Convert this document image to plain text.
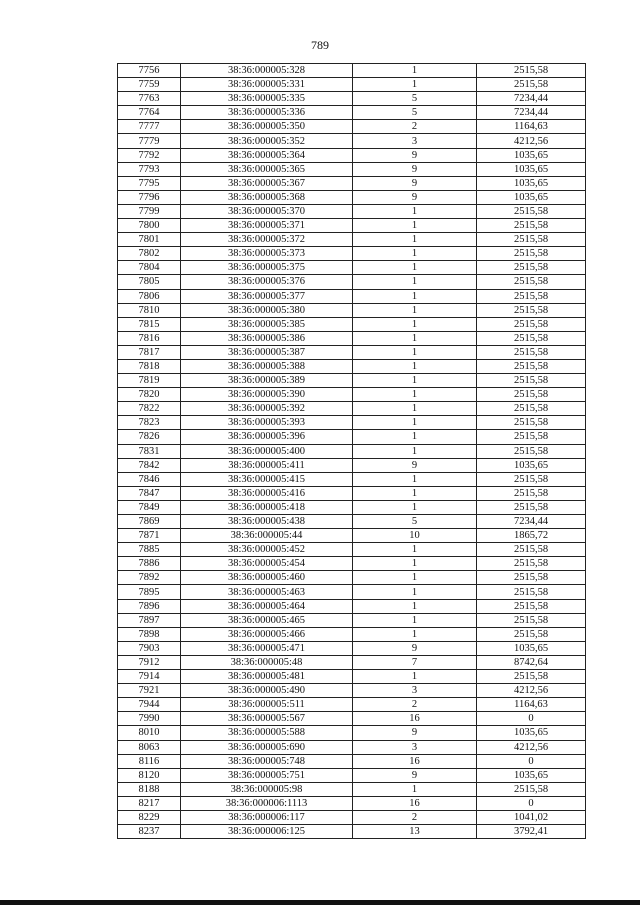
789
7756	38:36:000005:328	1	2515,58
7759	38:36:000005:331	1	2515,58
7763	38:36:000005:335	5	7234,44
7764	38:36:000005:336	5	7234,44
7777	38:36:000005:350	2	1164,63
7779	38:36:000005:352	3	4212,56
7792	38:36:000005:364	9	1035,65
7793	38:36:000005:365	9	1035,65
7795	38:36:000005:367	9	1035,65
7796	38:36:000005:368	9	1035,65
7799	38:36:000005:370	1	2515,58
7800	38:36:000005:371	1	2515,58
7801	38:36:000005:372	1	2515,58
7802	38:36:000005:373	1	2515,58
7804	38:36:000005:375	1	2515,58
7805	38:36:000005:376	1	2515,58
7806	38:36:000005:377	1	2515,58
7810	38:36:000005:380	1	2515,58
7815	38:36:000005:385	1	2515,58
7816	38:36:000005:386	1	2515,58
7817	38:36:000005:387	1	2515,58
7818	38:36:000005:388	1	2515,58
7819	38:36:000005:389	1	2515,58
7820	38:36:000005:390	1	2515,58
7822	38:36:000005:392	1	2515,58
7823	38:36:000005:393	1	2515,58
7826	38:36:000005:396	1	2515,58
7831	38:36:000005:400	1	2515,58
7842	38:36:000005:411	9	1035,65
7846	38:36:000005:415	1	2515,58
7847	38:36:000005:416	1	2515,58
7849	38:36:000005:418	1	2515,58
7869	38:36:000005:438	5	7234,44
7871	38:36:000005:44	10	1865,72
7885	38:36:000005:452	1	2515,58
7886	38:36:000005:454	1	2515,58
7892	38:36:000005:460	1	2515,58
7895	38:36:000005:463	1	2515,58
7896	38:36:000005:464	1	2515,58
7897	38:36:000005:465	1	2515,58
7898	38:36:000005:466	1	2515,58
7903	38:36:000005:471	9	1035,65
7912	38:36:000005:48	7	8742,64
7914	38:36:000005:481	1	2515,58
7921	38:36:000005:490	3	4212,56
7944	38:36:000005:511	2	1164,63
7990	38:36:000005:567	16	0
8010	38:36:000005:588	9	1035,65
8063	38:36:000005:690	3	4212,56
8116	38:36:000005:748	16	0
8120	38:36:000005:751	9	1035,65
8188	38:36:000005:98	1	2515,58
8217	38:36:000006:1113	16	0
8229	38:36:000006:117	2	1041,02
8237	38:36:000006:125	13	3792,41
